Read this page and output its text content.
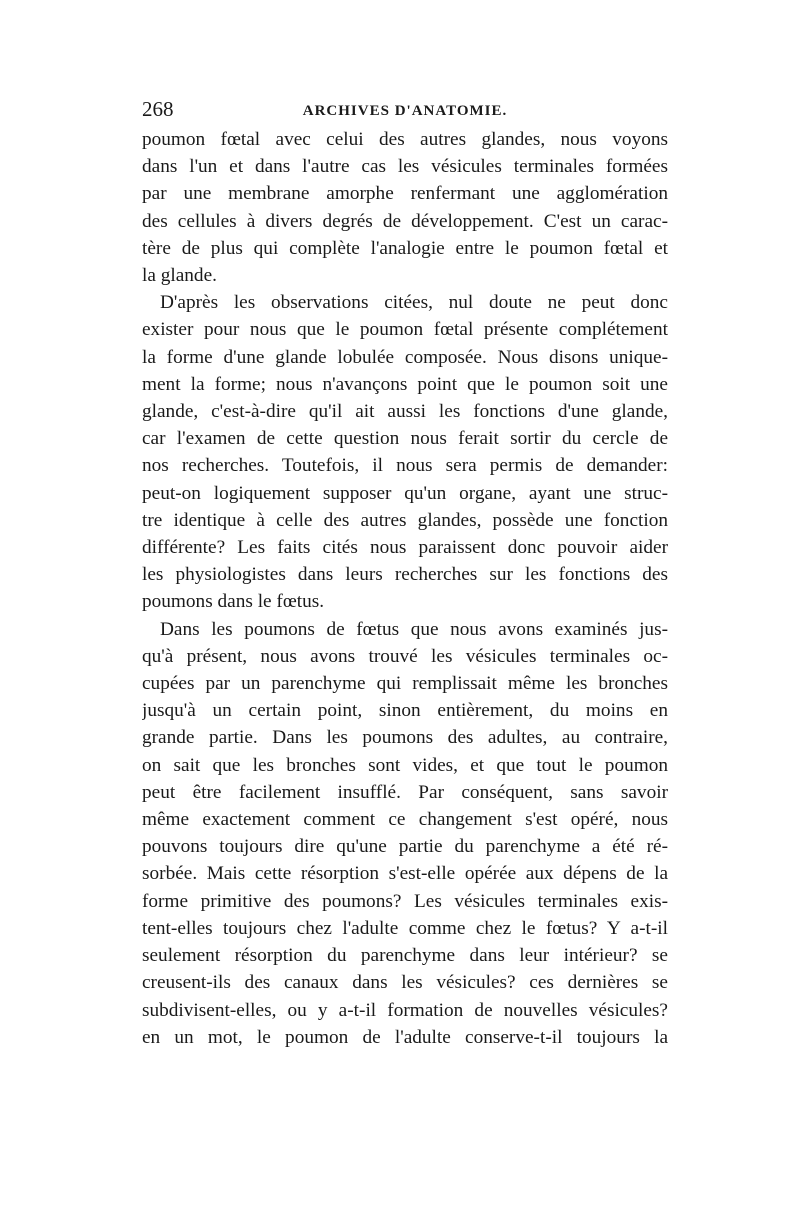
268	ARCHIVES D'ANATOMIE.
poumon fœtal avec celui des autres glandes, nous voyons
dans l'un et dans l'autre cas les vésicules terminales formées
par une membrane amorphe renfermant une agglomération
des cellules à divers degrés de développement. C'est un carac-
tère de plus qui complète l'analogie entre le poumon fœtal et
la glande.
D'après les observations citées, nul doute ne peut donc
exister pour nous que le poumon fœtal présente complétement
la forme d'une glande lobulée composée. Nous disons unique-
ment la forme; nous n'avançons point que le poumon soit une
glande, c'est-à-dire qu'il ait aussi les fonctions d'une glande,
car l'examen de cette question nous ferait sortir du cercle de
nos recherches. Toutefois, il nous sera permis de demander:
peut-on logiquement supposer qu'un organe, ayant une struc-
tre identique à celle des autres glandes, possède une fonction
différente? Les faits cités nous paraissent donc pouvoir aider
les physiologistes dans leurs recherches sur les fonctions des
poumons dans le fœtus.
Dans les poumons de fœtus que nous avons examinés jus-
qu'à présent, nous avons trouvé les vésicules terminales oc-
cupées par un parenchyme qui remplissait même les bronches
jusqu'à un certain point, sinon entièrement, du moins en
grande partie. Dans les poumons des adultes, au contraire,
on sait que les bronches sont vides, et que tout le poumon
peut être facilement insufflé. Par conséquent, sans savoir
même exactement comment ce changement s'est opéré, nous
pouvons toujours dire qu'une partie du parenchyme a été ré-
sorbée. Mais cette résorption s'est-elle opérée aux dépens de la
forme primitive des poumons? Les vésicules terminales exis-
tent-elles toujours chez l'adulte comme chez le fœtus? Y a-t-il
seulement résorption du parenchyme dans leur intérieur? se
creusent-ils des canaux dans les vésicules? ces dernières se
subdivisent-elles, ou y a-t-il formation de nouvelles vésicules?
en un mot, le poumon de l'adulte conserve-t-il toujours la
